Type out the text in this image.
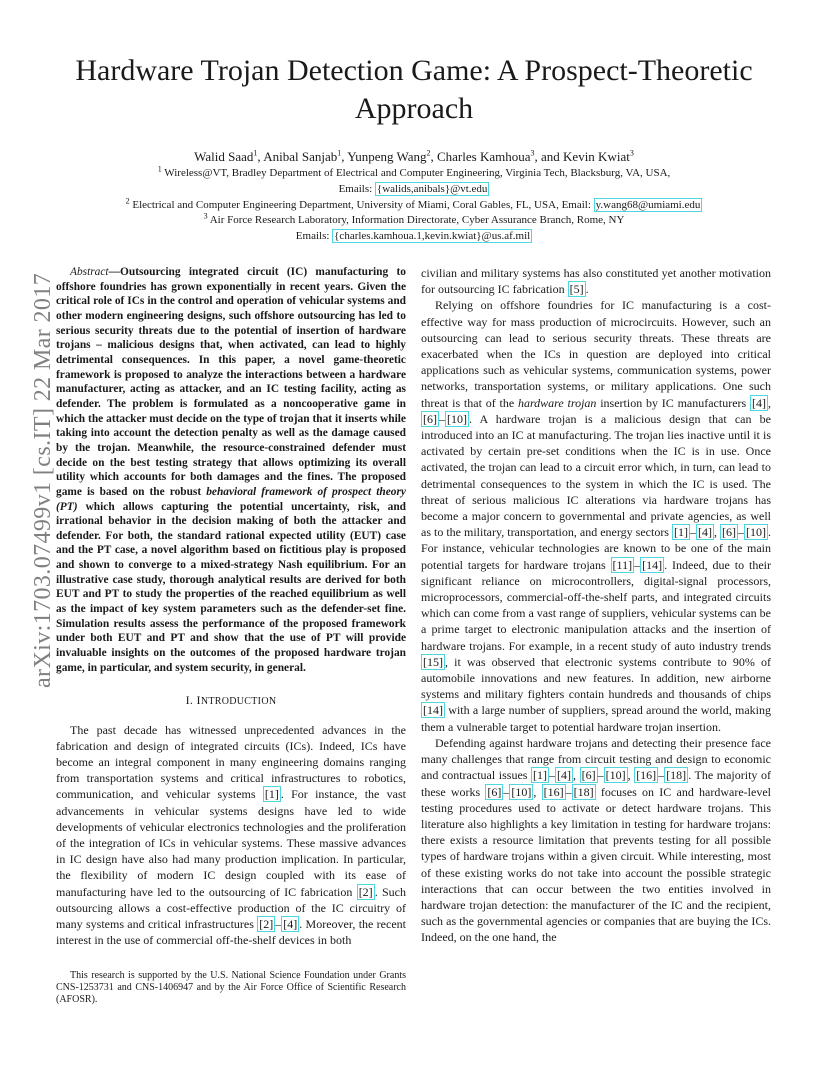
Hardware Trojan Detection Game: A Prospect-Theoretic Approach
Walid Saad$^1$, Anibal Sanjab$^1$, Yunpeng Wang$^2$, Charles Kamhoua$^3$, and Kevin Kwiat$^3$
$^1$ Wireless@VT, Bradley Department of Electrical and Computer Engineering, Virginia Tech, Blacksburg, VA, USA,
Emails: {walids,anibals}@vt.edu
$^2$ Electrical and Computer Engineering Department, University of Miami, Coral Gables, FL, USA, Email: y.wang68@umiami.edu
$^3$ Air Force Research Laboratory, Information Directorate, Cyber Assurance Branch, Rome, NY
Emails: {charles.kamhoua.1,kevin.kwiat}@us.af.mil
arXiv:1703.07499v1 [cs.IT] 22 Mar 2017

Abstract—Outsourcing integrated circuit (IC) manufacturing to offshore foundries has grown exponentially in recent years. Given the critical role of ICs in the control and operation of vehicular systems and other modern engineering designs, such offshore outsourcing has led to serious security threats due to the potential of insertion of hardware trojans – malicious designs that, when activated, can lead to highly detrimental consequences. In this paper, a novel game-theoretic framework is proposed to analyze the interactions between a hardware manufacturer, acting as attacker, and an IC testing facility, acting as defender. The problem is formulated as a noncooperative game in which the attacker must decide on the type of trojan that it inserts while taking into account the detection penalty as well as the damage caused by the trojan. Meanwhile, the resource-constrained defender must decide on the best testing strategy that allows optimizing its overall utility which accounts for both damages and the fines. The proposed game is based on the robust behavioral framework of prospect theory (PT) which allows capturing the potential uncertainty, risk, and irrational behavior in the decision making of both the attacker and defender. For both, the standard rational expected utility (EUT) case and the PT case, a novel algorithm based on fictitious play is proposed and shown to converge to a mixed-strategy Nash equilibrium. For an illustrative case study, thorough analytical results are derived for both EUT and PT to study the properties of the reached equilibrium as well as the impact of key system parameters such as the defender-set fine. Simulation results assess the performance of the proposed framework under both EUT and PT and show that the use of PT will provide invaluable insights on the outcomes of the proposed hardware trojan game, in particular, and system security, in general.

I. INTRODUCTION

The past decade has witnessed unprecedented advances in the fabrication and design of integrated circuits (ICs). Indeed, ICs have become an integral component in many engineering domains ranging from transportation systems and critical infrastructures to robotics, communication, and vehicular systems [1] . For instance, the vast advancements in vehicular systems designs have led to wide developments of vehicular electronics technologies and the proliferation of the integration of ICs in vehicular systems. These massive advances in IC design have also had many production implication. In particular, the flexibility of modern IC design coupled with its ease of manufacturing have led to the outsourcing of IC fabrication [2] . Such outsourcing allows a cost-effective production of the IC circuitry of many systems and critical infrastructures [2] – [4] . Moreover, the recent interest in the use of commercial off-the-shelf devices in both

This research is supported by the U.S. National Science Foundation under Grants CNS-1253731 and CNS-1406947 and by the Air Force Office of Scientific Research (AFOSR).

civilian and military systems has also constituted yet another motivation for outsourcing IC fabrication [5] .

Relying on offshore foundries for IC manufacturing is a cost-effective way for mass production of microcircuits. However, such an outsourcing can lead to serious security threats. These threats are exacerbated when the ICs in question are deployed into critical applications such as vehicular systems, communication systems, power networks, transportation systems, or military applications. One such threat is that of the hardware trojan insertion by IC manufacturers [4] , [6] – [10] . A hardware trojan is a malicious design that can be introduced into an IC at manufacturing. The trojan lies inactive until it is activated by certain pre-set conditions when the IC is in use. Once activated, the trojan can lead to a circuit error which, in turn, can lead to detrimental consequences to the system in which the IC is used. The threat of serious malicious IC alterations via hardware trojans has become a major concern to governmental and private agencies, as well as to the military, transportation, and energy sectors [1] – [4] , [6] – [10] . For instance, vehicular technologies are known to be one of the main potential targets for hardware trojans [11] – [14] . Indeed, due to their significant reliance on microcontrollers, digital-signal processors, microprocessors, commercial-off-the-shelf parts, and integrated circuits which can come from a vast range of suppliers, vehicular systems can be a prime target to electronic manipulation attacks and the insertion of hardware trojans. For example, in a recent study of auto industry trends [15] , it was observed that electronic systems contribute to 90% of automobile innovations and new features. In addition, new airborne systems and military fighters contain hundreds and thousands of chips [14] with a large number of suppliers, spread around the world, making them a vulnerable target to potential hardware trojan insertion.

Defending against hardware trojans and detecting their presence face many challenges that range from circuit testing and design to economic and contractual issues [1] – [4] , [6] – [10] , [16] – [18] . The majority of these works [6] – [10] , [16] – [18] focuses on IC and hardware-level testing procedures used to activate or detect hardware trojans. This literature also highlights a key limitation in testing for hardware trojans: there exists a resource limitation that prevents testing for all possible types of hardware trojans within a given circuit. While interesting, most of these existing works do not take into account the possible strategic interactions that can occur between the two entities involved in hardware trojan detection: the manufacturer of the IC and the recipient, such as the governmental agencies or companies that are buying the ICs. Indeed, on the one hand, the
